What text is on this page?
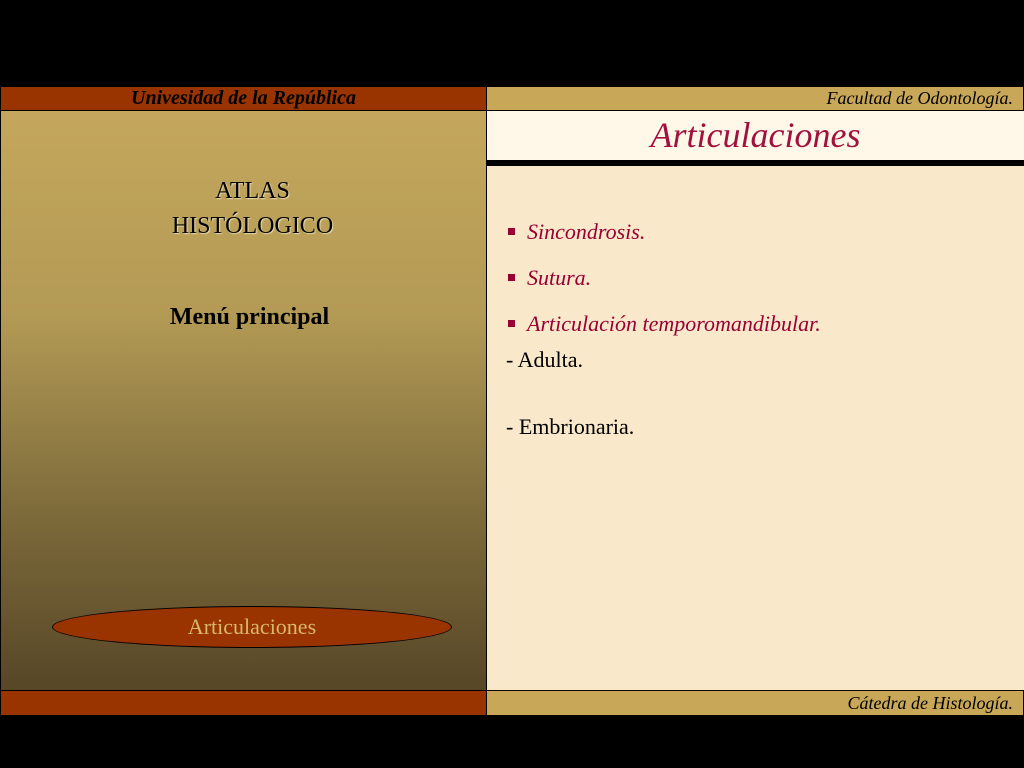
Univesidad de la República	Facultad de Odontología.
ATLAS
HISTÓLOGICO
Menú principal
Articulaciones
Articulaciones
Sincondrosis.
Sutura.
Articulación temporomandibular.
- Adulta.
- Embrionaria.
Cátedra de Histología.
